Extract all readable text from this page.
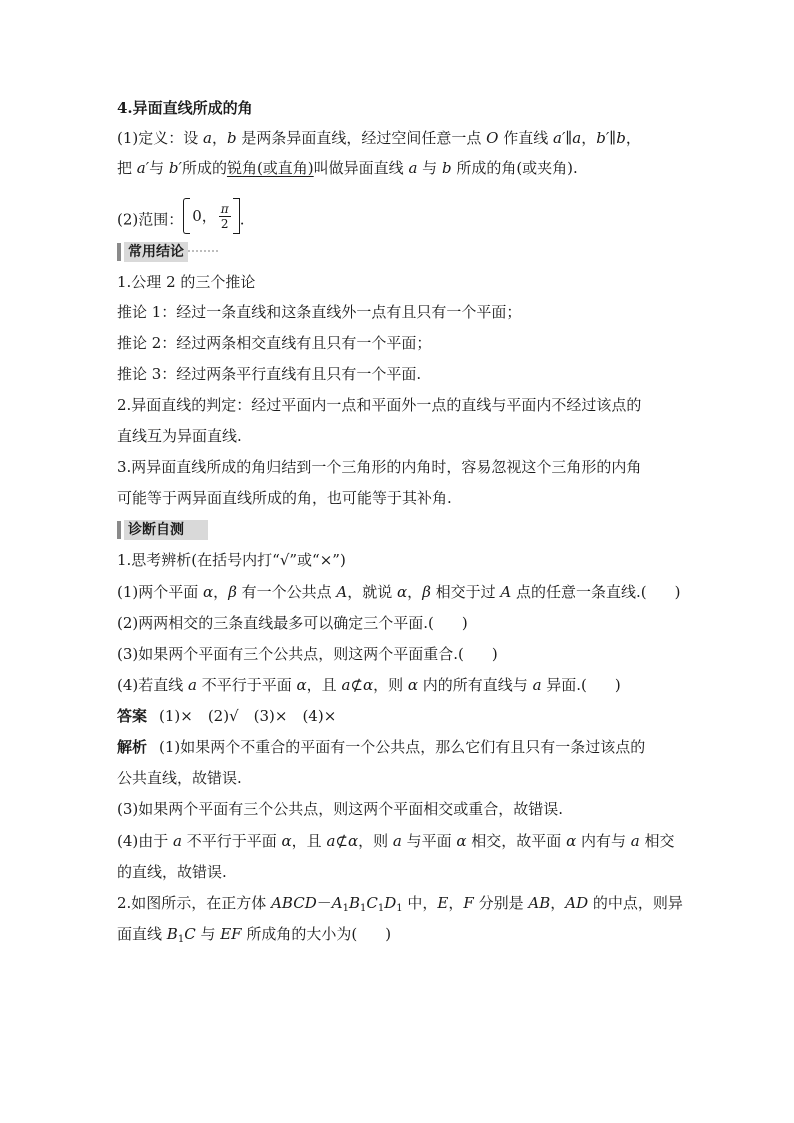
4.异面直线所成的角
(1)定义：设 a，b 是两条异面直线，经过空间任意一点 O 作直线 a′∥a，b′∥b，
把 a′与 b′所成的锐角(或直角)叫做异面直线 a 与 b 所成的角(或夹角).
(2)范围： 0， $\frac{\pi}{2}$ .
常用结论
1.公理 2 的三个推论
推论 1：经过一条直线和这条直线外一点有且只有一个平面；
推论 2：经过两条相交直线有且只有一个平面；
推论 3：经过两条平行直线有且只有一个平面.
2.异面直线的判定：经过平面内一点和平面外一点的直线与平面内不经过该点的
直线互为异面直线.
3.两异面直线所成的角归结到一个三角形的内角时，容易忽视这个三角形的内角
可能等于两异面直线所成的角，也可能等于其补角.
诊断自测
1.思考辨析(在括号内打“√”或“×”)
(1)两个平面 α，β 有一个公共点 A，就说 α，β 相交于过 A 点的任意一条直线.( )
(2)两两相交的三条直线最多可以确定三个平面.( )
(3)如果两个平面有三个公共点，则这两个平面重合.( )
(4)若直线 a 不平行于平面 α，且 a⊄α，则 α 内的所有直线与 a 异面.( )
答案 (1)×　(2)√　(3)×　(4)×
解析 (1)如果两个不重合的平面有一个公共点，那么它们有且只有一条过该点的
公共直线，故错误.
(3)如果两个平面有三个公共点，则这两个平面相交或重合，故错误.
(4)由于 a 不平行于平面 α，且 a⊄α，则 a 与平面 α 相交，故平面 α 内有与 a 相交
的直线，故错误.
2.如图所示，在正方体 $ABCD-A_1B_1C_1D_1$ 中，E，F 分别是 AB，AD 的中点，则异
面直线 $B_1C$ 与 EF 所成角的大小为( )
